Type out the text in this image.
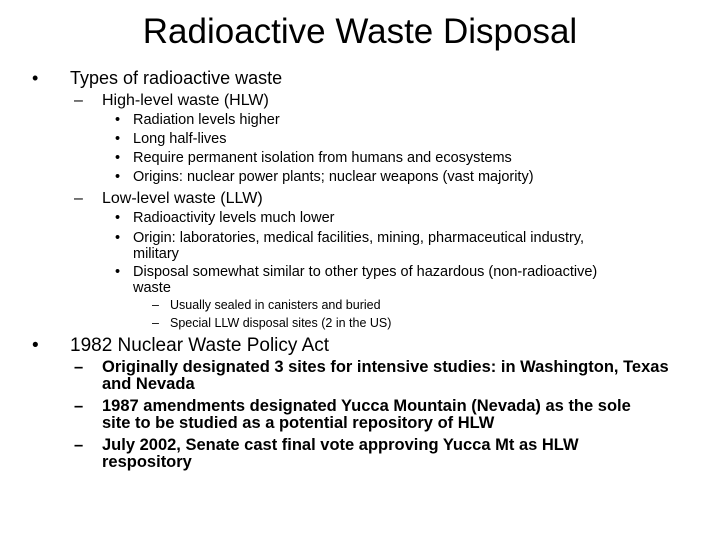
Radioactive Waste Disposal
• Types of radioactive waste
– High-level waste (HLW)
• Radiation levels higher
• Long half-lives
• Require permanent isolation from humans and ecosystems
• Origins: nuclear power plants; nuclear weapons (vast majority)
– Low-level waste (LLW)
• Radioactivity levels much lower
• Origin: laboratories, medical facilities, mining, pharmaceutical industry,
military
• Disposal somewhat similar to other types of hazardous (non-radioactive)
waste
– Usually sealed in canisters and buried
– Special LLW disposal sites (2 in the US)
• 1982 Nuclear Waste Policy Act
– Originally designated 3 sites for intensive studies: in Washington, Texas
and Nevada
– 1987 amendments designated Yucca Mountain (Nevada) as the sole
site to be studied as a potential repository of HLW
– July 2002, Senate cast final vote approving Yucca Mt as HLW
respository
